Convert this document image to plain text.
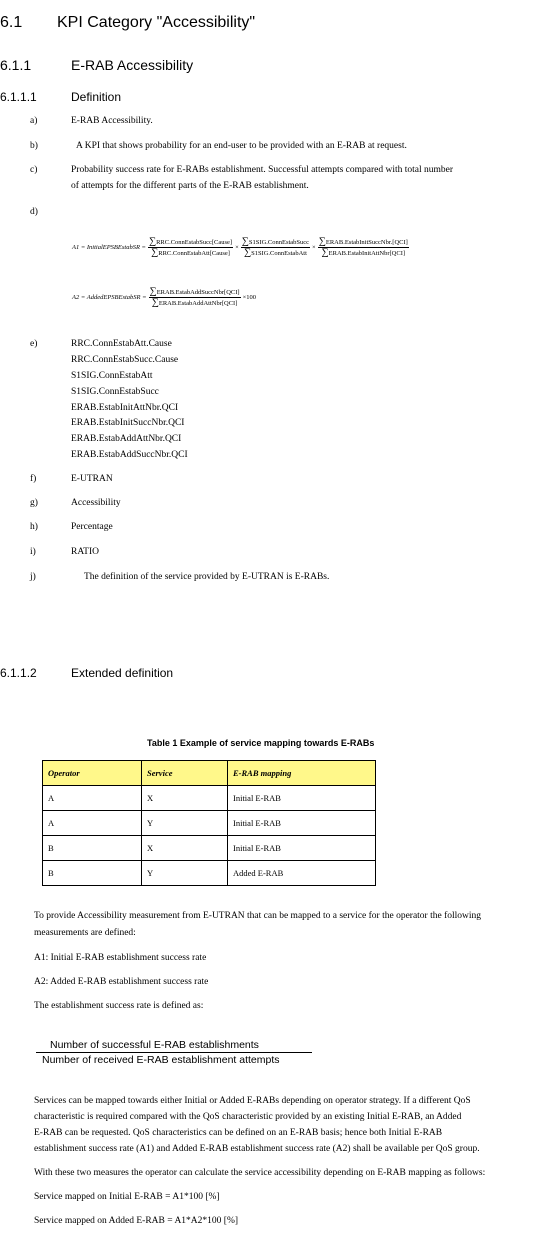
6.1 KPI Category "Accessibility"
6.1.1	E-RAB Accessibility
6.1.1.1	Definition
a)	E-RAB Accessibility.
b)	A KPI that shows probability for an end-user to be provided with an E-RAB at request.
c)	Probability success rate for E-RABs establishment. Successful attempts compared with total number
of attempts for the different parts of the E-RAB establishment.
d)
A1 = InitialEPSBEstabSR = $\frac{\text{∑RRC.ConnEstabSucc[Cause]}}{\text{∑RRC.ConnEstabAtt[Cause]}} \times \frac{\text{∑S1SIG.ConnEstabSucc}}{\text{∑S1SIG.ConnEstabAtt}} \times \frac{\text{∑ERAB.EstabInitSuccNbr.[QCI]}}{\text{∑ERAB.EstabInitAttNbr[QCI]}}$
A2 = AddedEPSBEstabSR = $\frac{\text{∑ERAB.EstabAddSuccNbr[QCI]}}{\text{∑ERAB.EstabAddAttNbr[QCI]}} \times 100$
e)	RRC.ConnEstabAtt.Cause
RRC.ConnEstabSucc.Cause
S1SIG.ConnEstabAtt
S1SIG.ConnEstabSucc
ERAB.EstabInitAttNbr.QCI
ERAB.EstabInitSuccNbr.QCI
ERAB.EstabAddAttNbr.QCI
ERAB.EstabAddSuccNbr.QCI
f)	E-UTRAN
g)	Accessibility
h)	Percentage
i)	RATIO
j)	The definition of the service provided by E-UTRAN is E-RABs.
6.1.1.2	Extended definition
Table 1 Example of service mapping towards E-RABs
Operator	Service	E-RAB mapping
A	X	Initial E-RAB
A	Y	Initial E-RAB
B	X	Initial E-RAB
B	Y	Added E-RAB
To provide Accessibility measurement from E-UTRAN that can be mapped to a service for the operator the following
measurements are defined:
A1: Initial E-RAB establishment success rate
A2: Added E-RAB establishment success rate
The establishment success rate is defined as:
Number of successful E-RAB establishments
Number of received E-RAB establishment attempts
Services can be mapped towards either Initial or Added E-RABs depending on operator strategy. If a different QoS
characteristic is required compared with the QoS characteristic provided by an existing Initial E-RAB, an Added
E-RAB can be requested. QoS characteristics can be defined on an E-RAB basis; hence both Initial E-RAB
establishment success rate (A1) and Added E-RAB establishment success rate (A2) shall be available per QoS group.
With these two measures the operator can calculate the service accessibility depending on E-RAB mapping as follows:
Service mapped on Initial E-RAB = A1*100 [%]
Service mapped on Added E-RAB = A1*A2*100 [%]
